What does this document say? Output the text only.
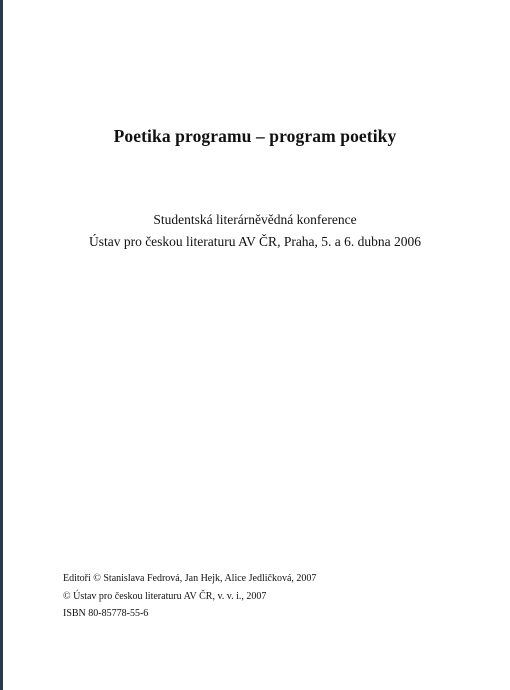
Poetika programu – program poetiky
Studentská literárněvědná konference
Ústav pro českou literaturu AV ČR, Praha, 5. a 6. dubna 2006
Editoři © Stanislava Fedrová, Jan Hejk, Alice Jedličková, 2007
© Ústav pro českou literaturu AV ČR, v. v. i., 2007
ISBN 80-85778-55-6
